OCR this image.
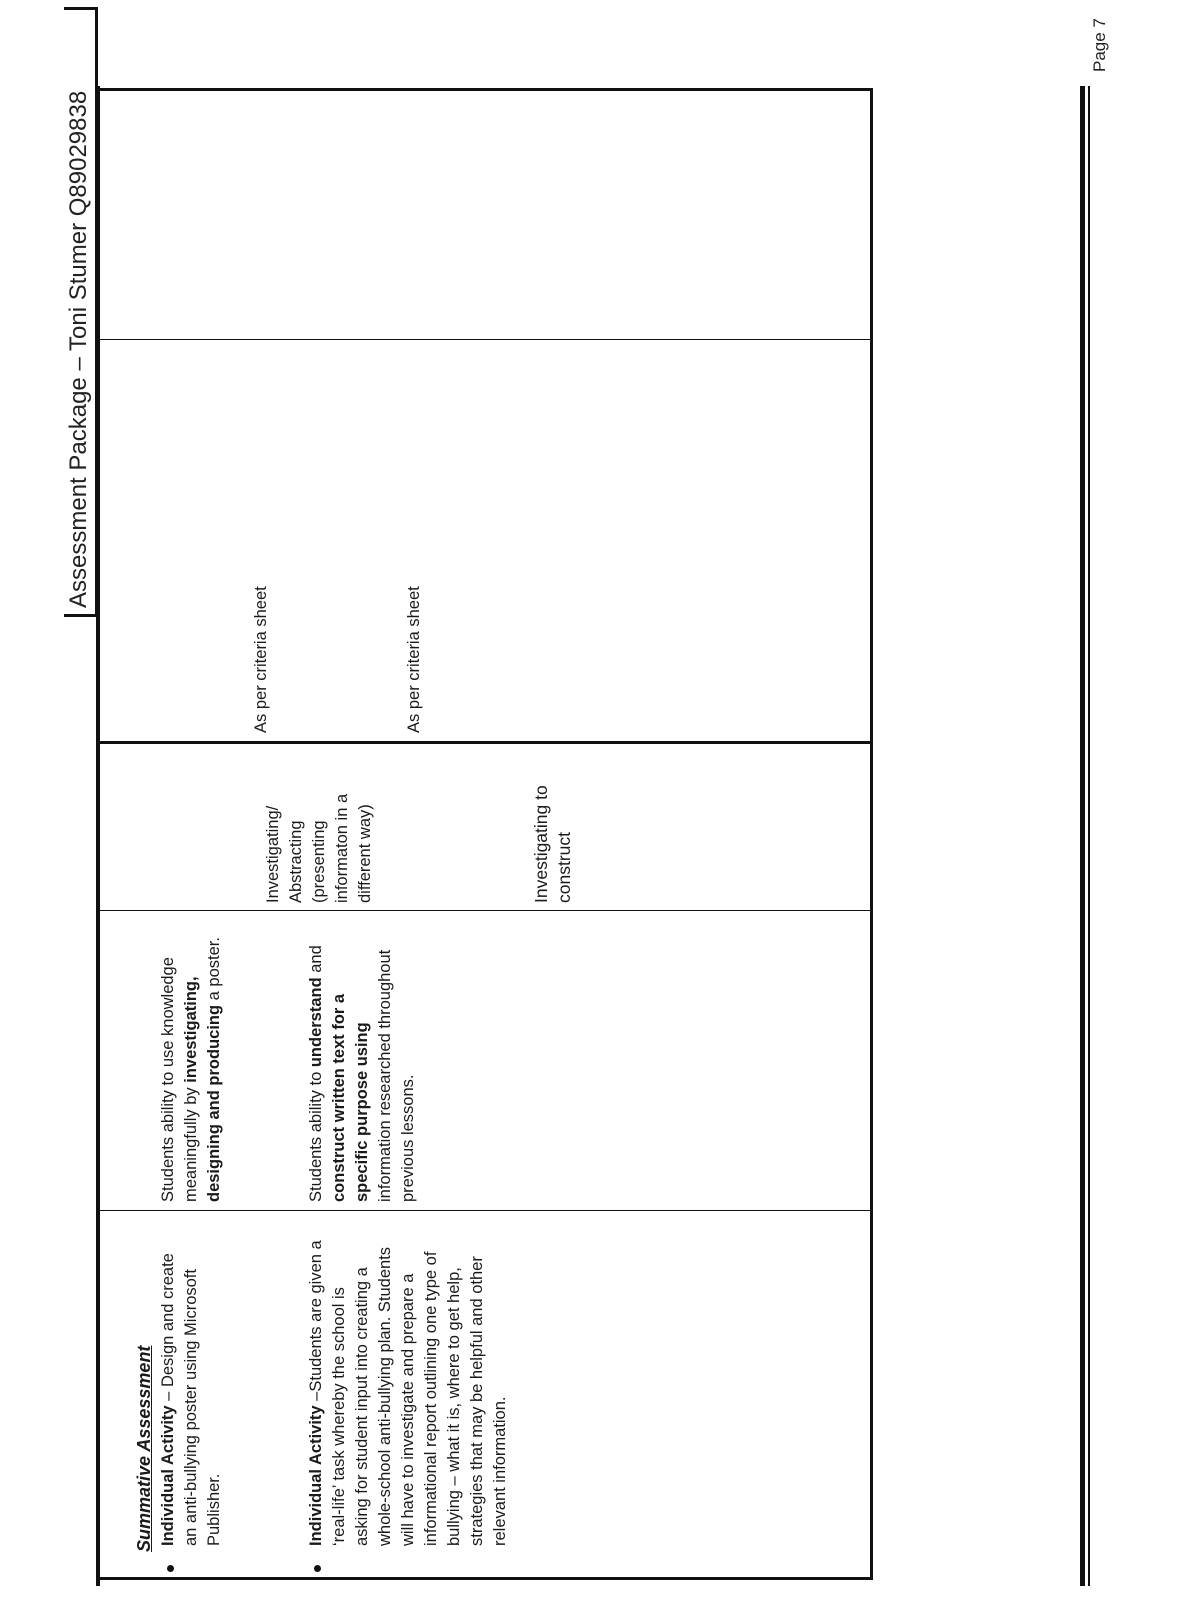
Assessment Package – Toni Stumer Q89029838
Summative Assessment Individual Activity – Design and create an anti-bullying poster using Microsoft Publisher.
Students ability to use knowledge meaningfully by investigating, designing and producing a poster.
Investigating/ Abstracting (presenting informaton in a different way)
As per criteria sheet
Individual Activity –Students are given a ‘real-life’ task whereby the school is asking for student input into creating a whole-school anti-bullying plan. Students will have to investigate and prepare a informational report outlining one type of bullying – what it is, where to get help, strategies that may be helpful and other relevant information.
Students ability to understand and construct written text for a specific purpose using information researched throughout previous lessons.
Investigating to construct
As per criteria sheet
Page 7
